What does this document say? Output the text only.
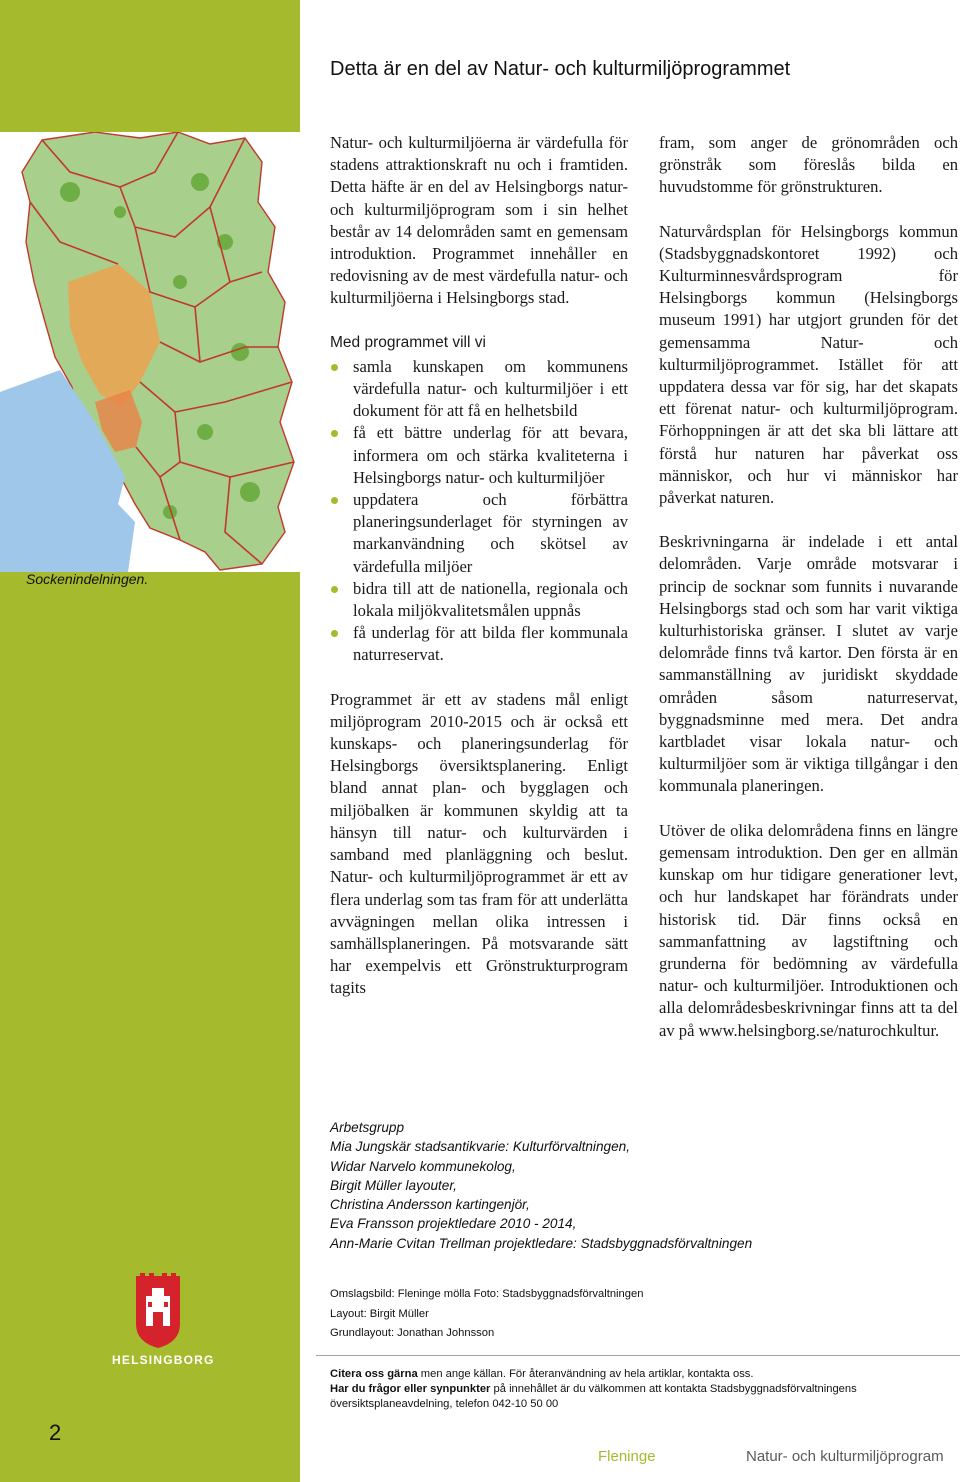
Detta är en del av Natur- och kulturmiljöprogrammet
Sockenindelningen.

Natur- och kulturmiljöerna är värdefulla för stadens attraktionskraft nu och i framtiden. Detta häfte är en del av Helsingborgs natur- och kulturmiljöprogram som i sin helhet består av 14 delområden samt en gemensam introduktion. Programmet innehåller en redovisning av de mest värdefulla natur- och kulturmiljöerna i Helsingborgs stad.

Med programmet vill vi

samla kunskapen om kommunens värdefulla natur- och kulturmiljöer i ett dokument för att få en helhetsbild
få ett bättre underlag för att bevara, informera om och stärka kvaliteterna i Helsingborgs natur- och kulturmiljöer
uppdatera och förbättra planeringsunderlaget för styrningen av markanvändning och skötsel av värdefulla miljöer
bidra till att de nationella, regionala och lokala miljökvalitetsmålen uppnås
få underlag för att bilda fler kommunala naturreservat.

Programmet är ett av stadens mål enligt miljöprogram 2010-2015 och är också ett kunskaps- och planeringsunderlag för Helsingborgs översiktsplanering. Enligt bland annat plan- och bygglagen och miljöbalken är kommunen skyldig att ta hänsyn till natur- och kulturvärden i samband med planläggning och beslut. Natur- och kulturmiljöprogrammet är ett av flera underlag som tas fram för att underlätta avvägningen mellan olika intressen i samhällsplaneringen. På motsvarande sätt har exempelvis ett Grönstrukturprogram tagits

fram, som anger de grönområden och grönstråk som föreslås bilda en huvudstomme för grönstrukturen.

Naturvårdsplan för Helsingborgs kommun (Stadsbyggnadskontoret 1992) och Kulturminnesvårdsprogram för Helsingborgs kommun (Helsingborgs museum 1991) har utgjort grunden för det gemensamma Natur- och kulturmiljöprogrammet. Istället för att uppdatera dessa var för sig, har det skapats ett förenat natur- och kulturmiljöprogram. Förhoppningen är att det ska bli lättare att förstå hur naturen har påverkat oss människor, och hur vi människor har påverkat naturen.

Beskrivningarna är indelade i ett antal delområden. Varje område motsvarar i princip de socknar som funnits i nuvarande Helsingborgs stad och som har varit viktiga kulturhistoriska gränser. I slutet av varje delområde finns två kartor. Den första är en sammanställning av juridiskt skyddade områden såsom naturreservat, byggnadsminne med mera. Det andra kartbladet visar lokala natur- och kulturmiljöer som är viktiga tillgångar i den kommunala planeringen.

Utöver de olika delområdena finns en längre gemensam introduktion. Den ger en allmän kunskap om hur tidigare generationer levt, och hur landskapet har förändrats under historisk tid. Där finns också en sammanfattning av lagstiftning och grunderna för bedömning av värdefulla natur- och kulturmiljöer. Introduktionen och alla delområdesbeskrivningar finns att ta del av på www.helsingborg.se/naturochkultur.

Arbetsgrupp
Mia Jungskär stadsantikvarie: Kulturförvaltningen,
Widar Narvelo kommunekolog,
Birgit Müller layouter,
Christina Andersson kartingenjör,
Eva Fransson projektledare 2010 - 2014,
Ann-Marie Cvitan Trellman projektledare: Stadsbyggnadsförvaltningen
HELSINGBORG
Omslagsbild: Fleninge mölla Foto: Stadsbyggnadsförvaltningen
Layout: Birgit Müller
Grundlayout: Jonathan Johnsson
Citera oss gärna men ange källan. För återanvändning av hela artiklar, kontakta oss.
Har du frågor eller synpunkter på innehållet är du välkommen att kontakta Stadsbyggnadsförvaltningens översiktsplaneavdelning, telefon 042-10 50 00
2
Fleninge	Natur- och kulturmiljöprogram
